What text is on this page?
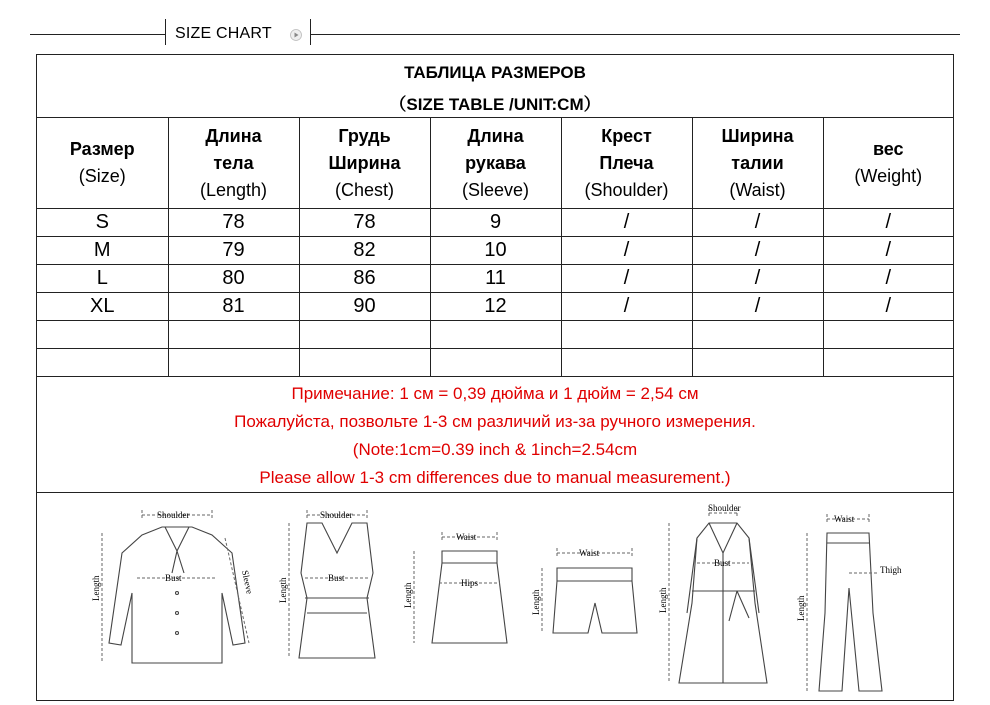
SIZE CHART
ТАБЛИЦА РАЗМЕРОВ
（SIZE TABLE /UNIT:CM）
Размер
(Size)	Длина
тела
(Length)	Грудь
Ширина
(Chest)	Длина
рукава
(Sleeve)	Крест
Плеча
(Shoulder)	Ширина
талии
(Waist)	вес
(Weight)

S	78	78	9	/	/	/
M	79	82	10	/	/	/
L	80	86	11	/	/	/
XL	81	90	12	/	/	/

Примечание: 1 см = 0,39 дюйма и 1 дюйм = 2,54 см
Пожалуйста, позвольте 1-3 см различий из-за ручного измерения.
(Note:1cm=0.39 inch & 1inch=2.54cm
Please allow 1-3 cm differences due to manual measurement.)
Shoulder
Bust
Length	Sleeve
Shoulder
Bust
Length
Waist
Hips
Length
Waist
Length
Shoulder
Bust
Length
Waist
Thigh
Length
